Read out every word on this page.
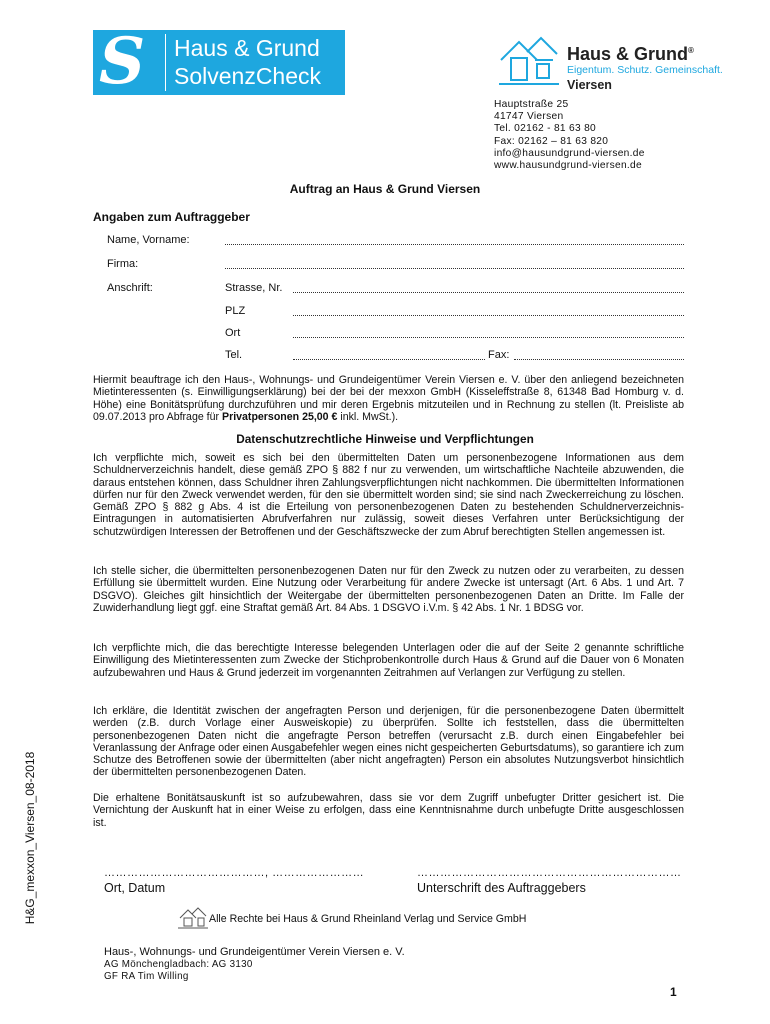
S Haus & Grund
SolvenzCheck
Haus & Grund®
Eigentum. Schutz. Gemeinschaft.
Viersen
Hauptstraße 25
41747 Viersen
Tel. 02162 - 81 63 80
Fax: 02162 – 81 63 820
info@hausundgrund-viersen.de
www.hausundgrund-viersen.de
Auftrag an Haus & Grund Viersen
Angaben zum Auftraggeber
Name, Vorname:
Firma:
Anschrift:	Strasse, Nr.
PLZ
Ort
Tel.	Fax:
Hiermit beauftrage ich den Haus-, Wohnungs- und Grundeigentümer Verein Viersen e. V. über den anliegend bezeichneten Mietinteressenten (s. Einwilligungserklärung) bei der bei der mexxon GmbH (Kisseleffstraße 8, 61348 Bad Homburg v. d. Höhe) eine Bonitätsprüfung durchzuführen und mir deren Ergebnis mitzuteilen und in Rechnung zu stellen (lt. Preisliste ab 09.07.2013 pro Abfrage für Privatpersonen 25,00 € inkl. MwSt.).
Datenschutzrechtliche Hinweise und Verpflichtungen
Ich verpflichte mich, soweit es sich bei den übermittelten Daten um personenbezogene Informationen aus dem Schuldnerverzeichnis handelt, diese gemäß ZPO § 882 f nur zu verwenden, um wirtschaftliche Nachteile abzuwenden, die daraus entstehen können, dass Schuldner ihren Zahlungsverpflichtungen nicht nachkommen. Die übermittelten Informationen dürfen nur für den Zweck verwendet werden, für den sie übermittelt worden sind; sie sind nach Zweckerreichung zu löschen. Gemäß ZPO § 882 g Abs. 4 ist die Erteilung von personenbezogenen Daten zu bestehenden Schuldnerverzeichnis-Eintragungen in automatisierten Abrufverfahren nur zulässig, soweit dieses Verfahren unter Berücksichtigung der schutzwürdigen Interessen der Betroffenen und der Geschäftszwecke der zum Abruf berechtigten Stellen angemessen ist.
Ich stelle sicher, die übermittelten personenbezogenen Daten nur für den Zweck zu nutzen oder zu verarbeiten, zu dessen Erfüllung sie übermittelt wurden. Eine Nutzung oder Verarbeitung für andere Zwecke ist untersagt (Art. 6 Abs. 1 und Art. 7 DSGVO). Gleiches gilt hinsichtlich der Weitergabe der übermittelten personenbezogenen Daten an Dritte. Im Falle der Zuwiderhandlung liegt ggf. eine Straftat gemäß Art. 84 Abs. 1 DSGVO i.V.m. § 42 Abs. 1 Nr. 1 BDSG vor.
Ich verpflichte mich, die das berechtigte Interesse belegenden Unterlagen oder die auf der Seite 2 genannte schriftliche Einwilligung des Mietinteressenten zum Zwecke der Stichprobenkontrolle durch Haus & Grund auf die Dauer von 6 Monaten aufzubewahren und Haus & Grund jederzeit im vorgenannten Zeitrahmen auf Verlangen zur Verfügung zu stellen.
Ich erkläre, die Identität zwischen der angefragten Person und derjenigen, für die personenbezogene Daten übermittelt werden (z.B. durch Vorlage einer Ausweiskopie) zu überprüfen. Sollte ich feststellen, dass die übermittelten personenbezogenen Daten nicht die angefragte Person betreffen (verursacht z.B. durch einen Eingabefehler bei Veranlassung der Anfrage oder einen Ausgabefehler wegen eines nicht gespeicherten Geburtsdatums), so garantiere ich zum Schutze des Betroffenen sowie der übermittelten (aber nicht angefragten) Person ein absolutes Nutzungsverbot hinsichtlich der übermittelten personenbezogenen Daten.
Die erhaltene Bonitätsauskunft ist so aufzubewahren, dass sie vor dem Zugriff unbefugter Dritter gesichert ist. Die Vernichtung der Auskunft hat in einer Weise zu erfolgen, dass eine Kenntnisnahme durch unbefugte Dritte ausgeschlossen ist.
H&G_mexxon_Viersen_08-2018	……………………………………, ……………………	……………………………………………………………
Ort, Datum	Unterschrift des Auftraggebers
Alle Rechte bei Haus & Grund Rheinland Verlag und Service GmbH
Haus-, Wohnungs- und Grundeigentümer Verein Viersen e. V.
AG Mönchengladbach: AG 3130
GF RA Tim Willing
1
